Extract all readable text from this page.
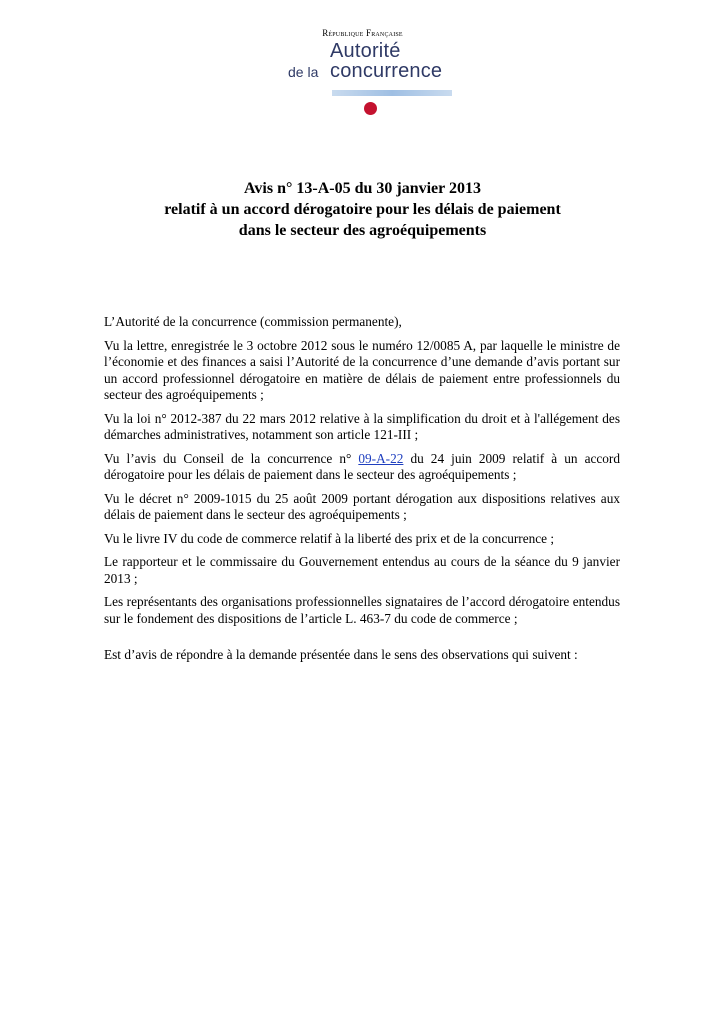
République Française
Autorité
de la concurrence
Avis n° 13-A-05 du 30 janvier 2013
relatif à un accord dérogatoire pour les délais de paiement
dans le secteur des agroéquipements

L’Autorité de la concurrence (commission permanente),

Vu la lettre, enregistrée le 3 octobre 2012 sous le numéro 12/0085 A, par laquelle le ministre de l’économie et des finances a saisi l’Autorité de la concurrence d’une demande d’avis portant sur un accord professionnel dérogatoire en matière de délais de paiement entre professionnels du secteur des agroéquipements ;

Vu la loi n° 2012-387 du 22 mars 2012 relative à la simplification du droit et à l'allégement des démarches administratives, notamment son article 121-III ;

Vu l’avis du Conseil de la concurrence n° 09-A-22 du 24 juin 2009 relatif à un accord dérogatoire pour les délais de paiement dans le secteur des agroéquipements ;

Vu le décret n° 2009-1015 du 25 août 2009 portant dérogation aux dispositions relatives aux délais de paiement dans le secteur des agroéquipements ;

Vu le livre IV du code de commerce relatif à la liberté des prix et de la concurrence ;

Le rapporteur et le commissaire du Gouvernement entendus au cours de la séance du 9 janvier 2013 ;

Les représentants des organisations professionnelles signataires de l’accord dérogatoire entendus sur le fondement des dispositions de l’article L. 463-7 du code de commerce ;

Est d’avis de répondre à la demande présentée dans le sens des observations qui suivent :
